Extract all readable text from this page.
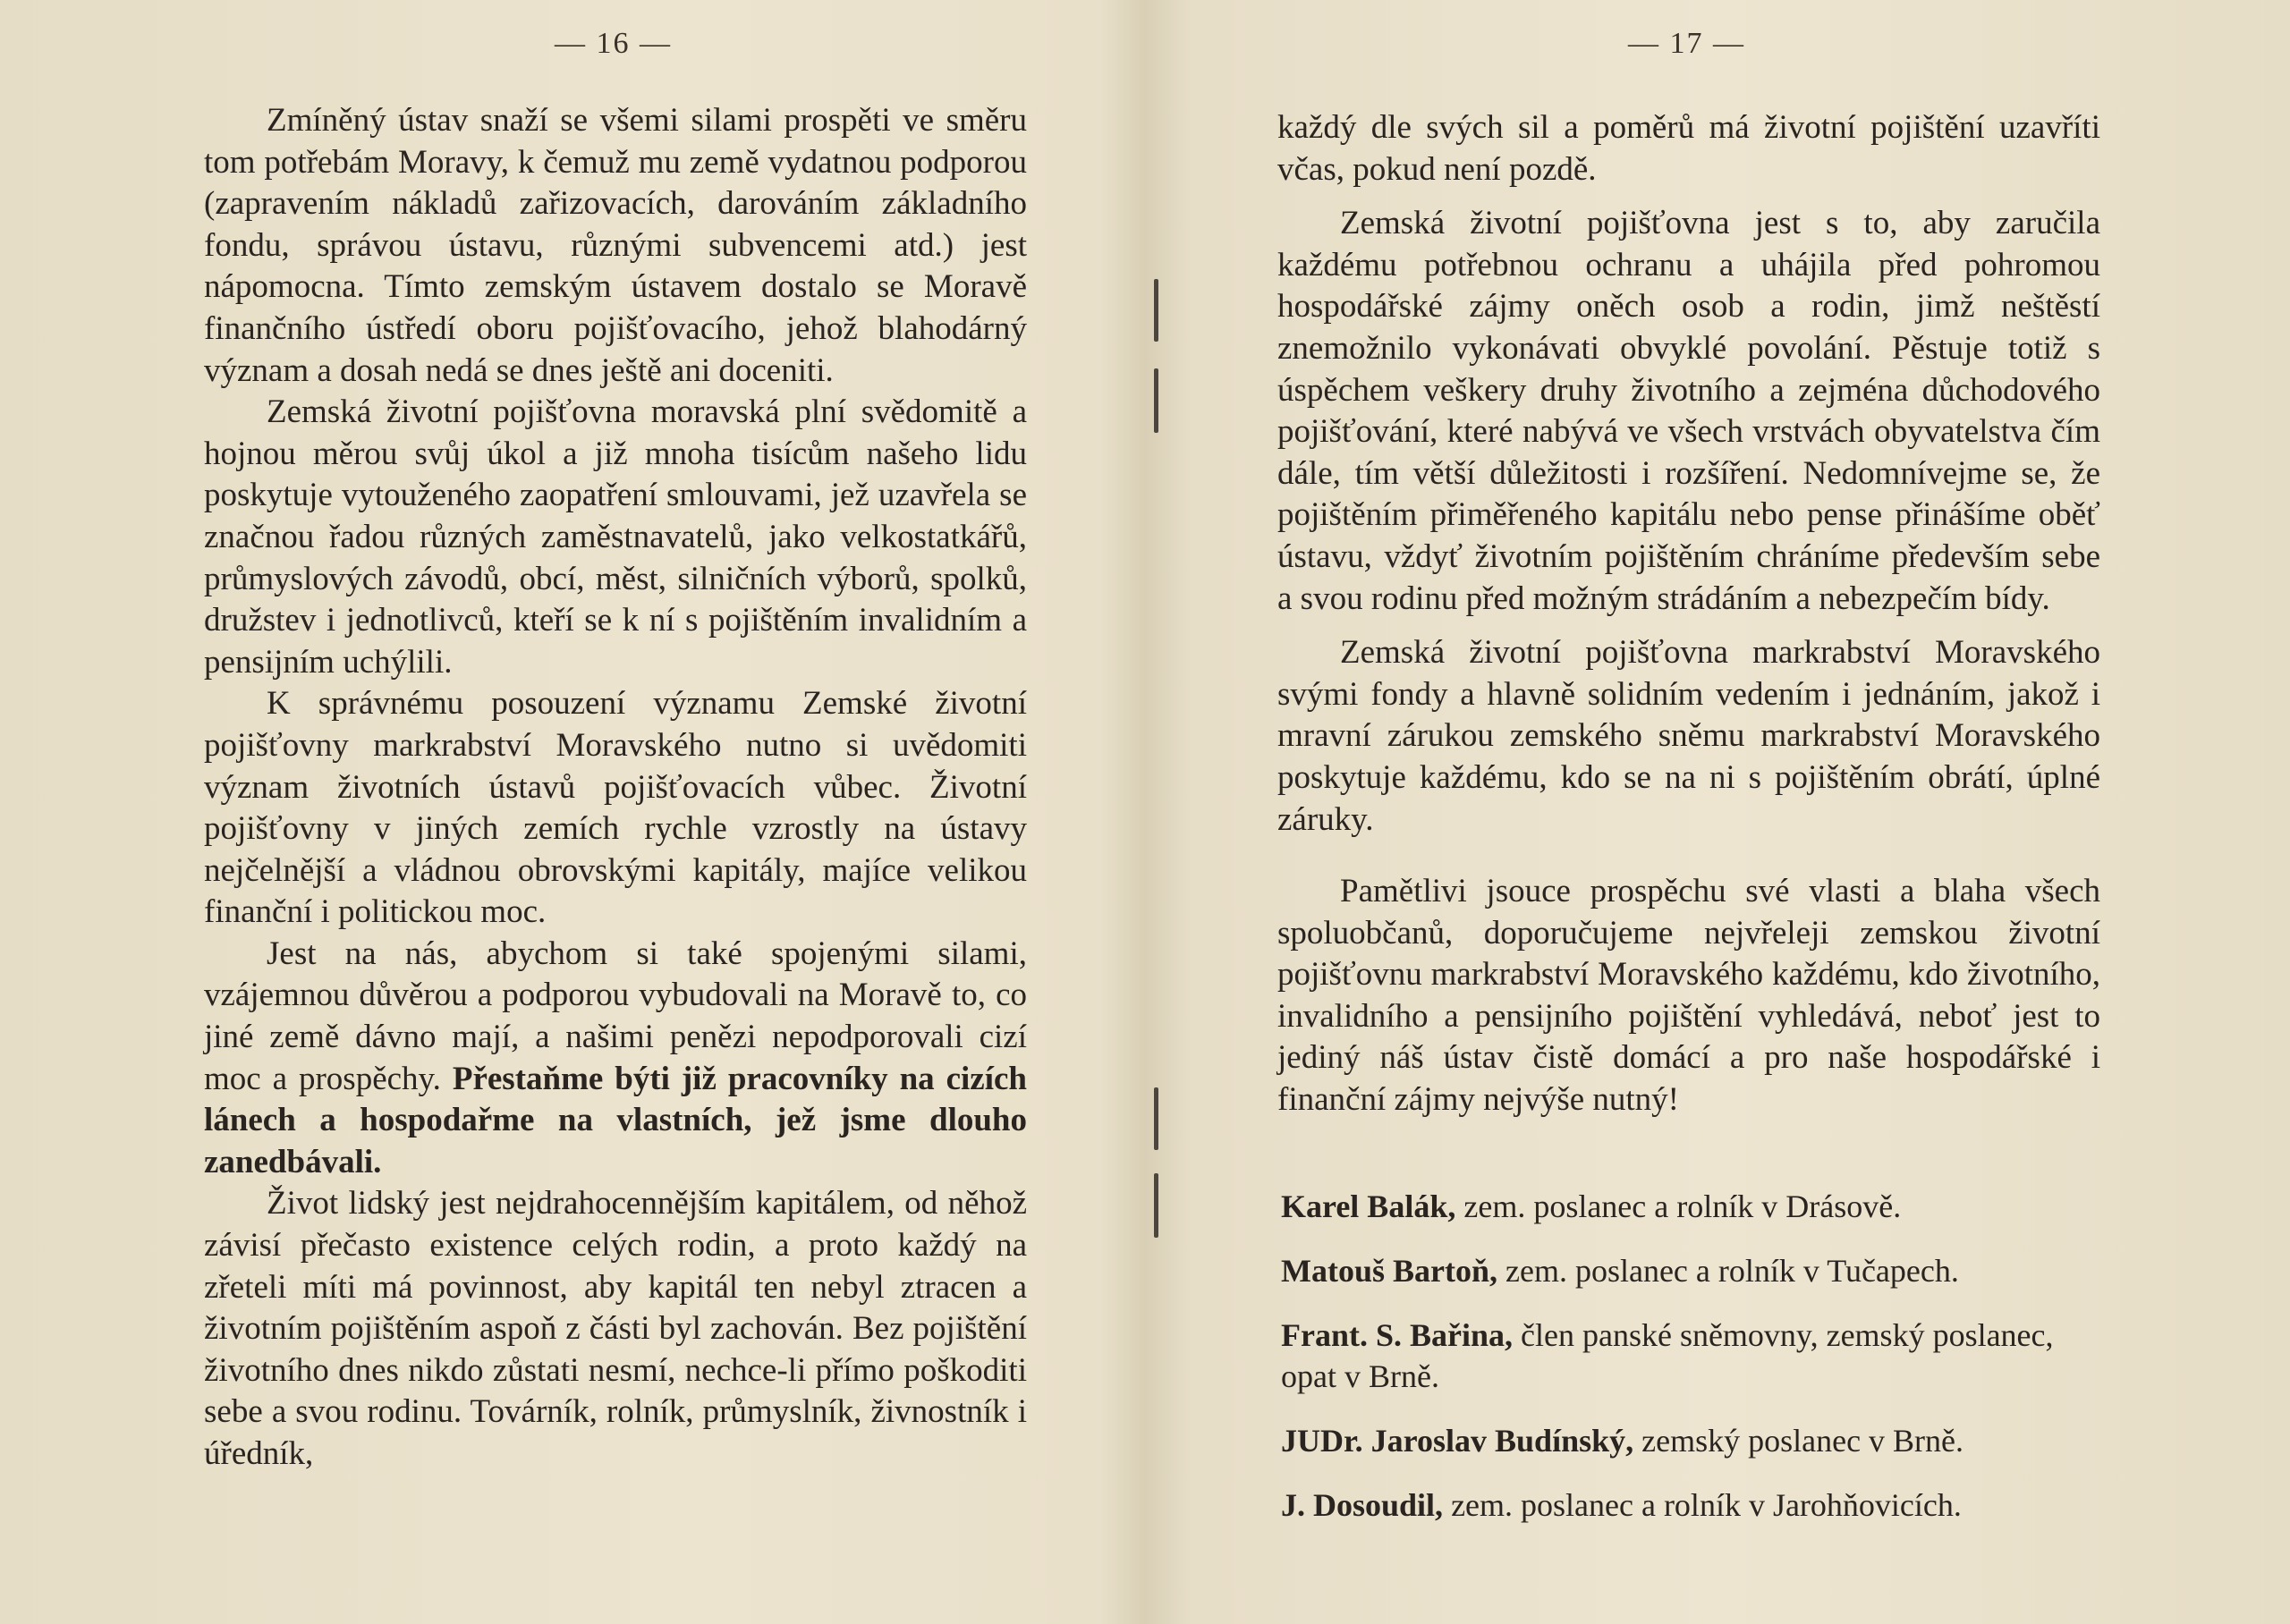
— 16 —

Zmíněný ústav snaží se všemi silami prospěti ve směru tom potřebám Moravy, k čemuž mu země vydatnou podporou (zapravením nákladů zařizovacích, darováním základního fondu, správou ústavu, různými subvencemi atd.) jest nápomocna. Tímto zemským ústavem dostalo se Moravě finančního ústředí oboru pojišťovacího, jehož blahodárný význam a dosah nedá se dnes ještě ani doceniti.

Zemská životní pojišťovna moravská plní svědomitě a hojnou měrou svůj úkol a již mnoha tisícům našeho lidu poskytuje vytouženého zaopatření smlouvami, jež uzavřela se značnou řadou různých zaměstnavatelů, jako velkostatkářů, průmyslových závodů, obcí, měst, silničních výborů, spolků, družstev i jednotlivců, kteří se k ní s pojištěním invalidním a pensijním uchýlili.

K správnému posouzení významu Zemské životní pojišťovny markrabství Moravského nutno si uvědomiti význam životních ústavů pojišťovacích vůbec. Životní pojišťovny v jiných zemích rychle vzrostly na ústavy nejčelnější a vládnou obrovskými kapitály, majíce velikou finanční i politickou moc.

Jest na nás, abychom si také spojenými silami, vzájemnou důvěrou a podporou vybudovali na Moravě to, co jiné země dávno mají, a našimi penězi nepodporovali cizí moc a prospěchy. Přestaňme býti již pracovníky na cizích lánech a hospodařme na vlastních, jež jsme dlouho zanedbávali.

Život lidský jest nejdrahocennějším kapitálem, od něhož závisí přečasto existence celých rodin, a proto každý na zřeteli míti má povinnost, aby kapitál ten nebyl ztracen a životním pojištěním aspoň z části byl zachován. Bez pojištění životního dnes nikdo zůstati nesmí, nechce-li přímo poškoditi sebe a svou rodinu. Továrník, rolník, průmyslník, živnostník i úředník,

— 17 —

každý dle svých sil a poměrů má životní pojištění uzavříti včas, pokud není pozdě.

Zemská životní pojišťovna jest s to, aby zaručila každému potřebnou ochranu a uhájila před pohromou hospodářské zájmy oněch osob a rodin, jimž neštěstí znemožnilo vykonávati obvyklé povolání. Pěstuje totiž s úspěchem veškery druhy životního a zejména důchodového pojišťování, které nabývá ve všech vrstvách obyvatelstva čím dále, tím větší důležitosti i rozšíření. Nedomnívejme se, že pojištěním přiměřeného kapitálu nebo pense přinášíme oběť ústavu, vždyť životním pojištěním chráníme především sebe a svou rodinu před možným strádáním a nebezpečím bídy.

Zemská životní pojišťovna markrabství Moravského svými fondy a hlavně solidním vedením i jednáním, jakož i mravní zárukou zemského sněmu markrabství Moravského poskytuje každému, kdo se na ni s pojištěním obrátí, úplné záruky.

Pamětlivi jsouce prospěchu své vlasti a blaha všech spoluobčanů, doporučujeme nejvřeleji zemskou životní pojišťovnu markrabství Moravského každému, kdo životního, invalidního a pensijního pojištění vyhledává, neboť jest to jediný náš ústav čistě domácí a pro naše hospodářské i finanční zájmy nejvýše nutný!

Karel Balák, zem. poslanec a rolník v Drásově.
Matouš Bartoň, zem. poslanec a rolník v Tučapech.
Frant. S. Bařina, člen panské sněmovny, zemský poslanec, opat v Brně.
JUDr. Jaroslav Budínský, zemský poslanec v Brně.
J. Dosoudil, zem. poslanec a rolník v Jarohňovicích.
